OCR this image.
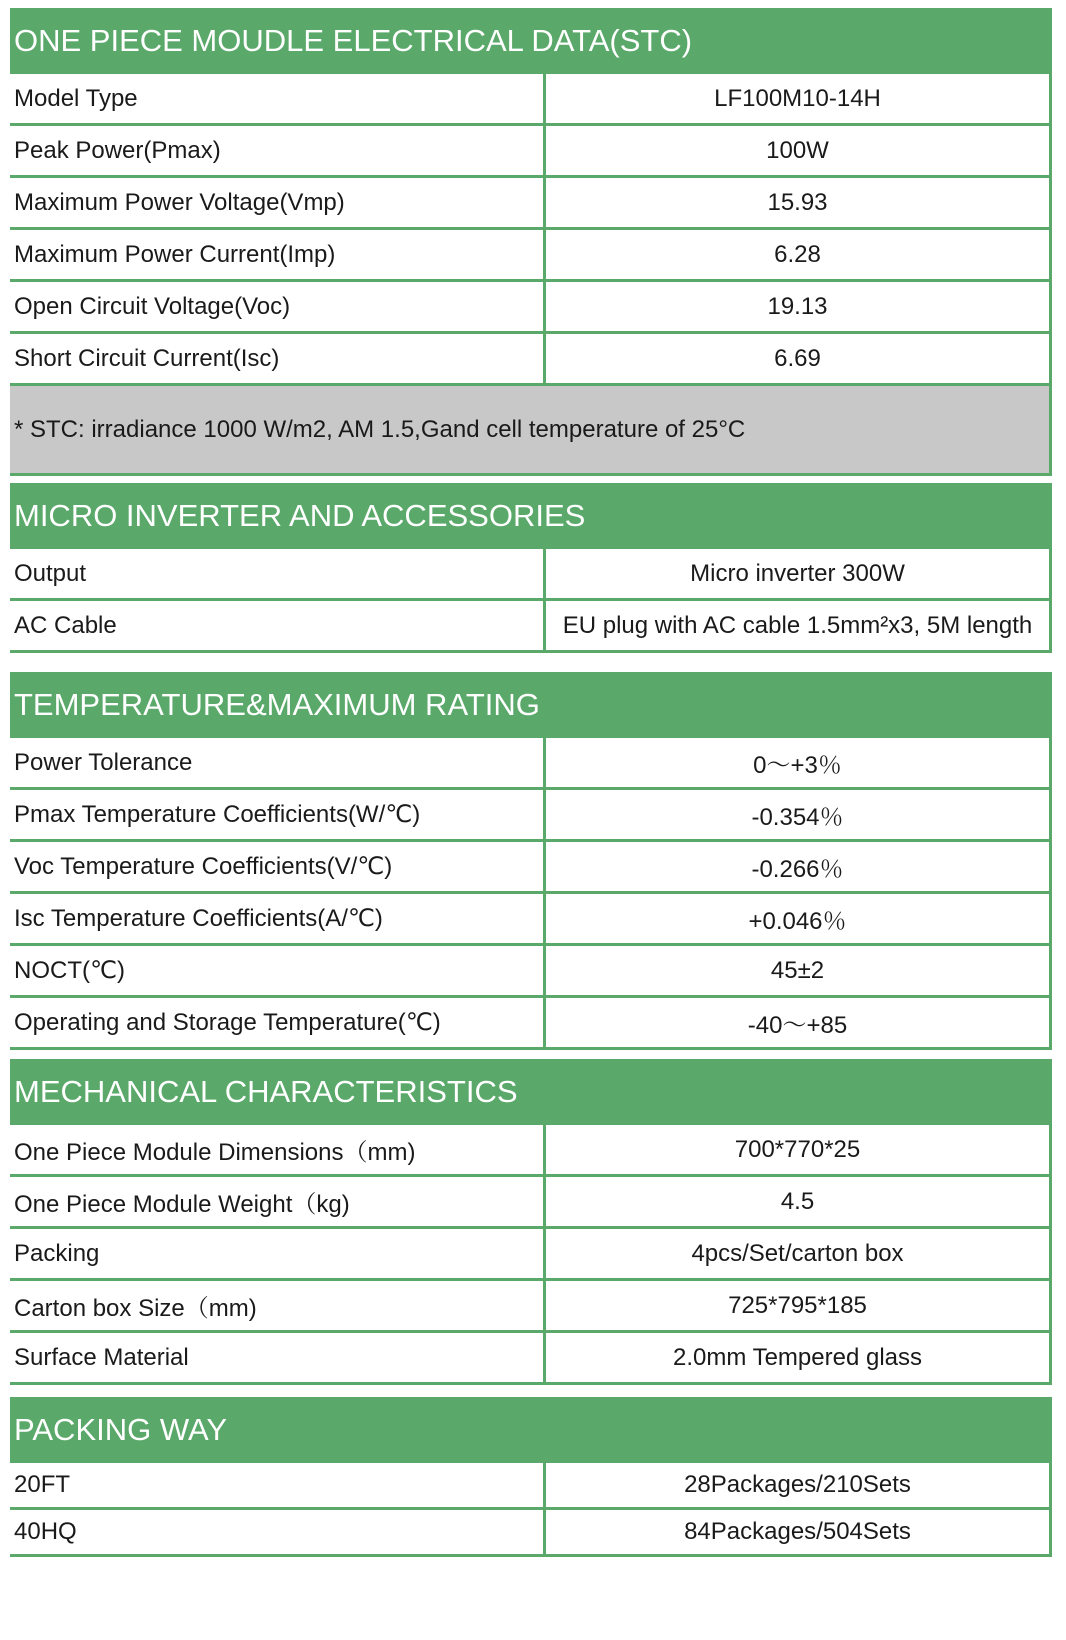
ONE PIECE MOUDLE ELECTRICAL DATA(STC)
Model Type	LF100M10-14H
Peak Power(Pmax)	100W
Maximum Power Voltage(Vmp)	15.93
Maximum Power Current(Imp)	6.28
Open Circuit Voltage(Voc)	19.13
Short Circuit Current(Isc)	6.69
* STC: irradiance 1000 W/m2, AM 1.5,Gand cell temperature of 25°C
MICRO INVERTER AND ACCESSORIES
Output	Micro inverter 300W
AC Cable	EU plug with AC cable 1.5mm²x3, 5M length
TEMPERATURE&MAXIMUM RATING
Power Tolerance	0～+3％
Pmax Temperature Coefficients(W/℃)	-0.354％
Voc Temperature Coefficients(V/℃)	-0.266％
Isc Temperature Coefficients(A/℃)	+0.046％
NOCT(℃)	45±2
Operating and Storage Temperature(℃)	-40～+85
MECHANICAL CHARACTERISTICS
One Piece Module Dimensions（mm)	700*770*25
One Piece Module Weight（kg)	4.5
Packing	4pcs/Set/carton box
Carton box Size（mm)	725*795*185
Surface Material	2.0mm Tempered glass
PACKING WAY
20FT	28Packages/210Sets
40HQ	84Packages/504Sets
